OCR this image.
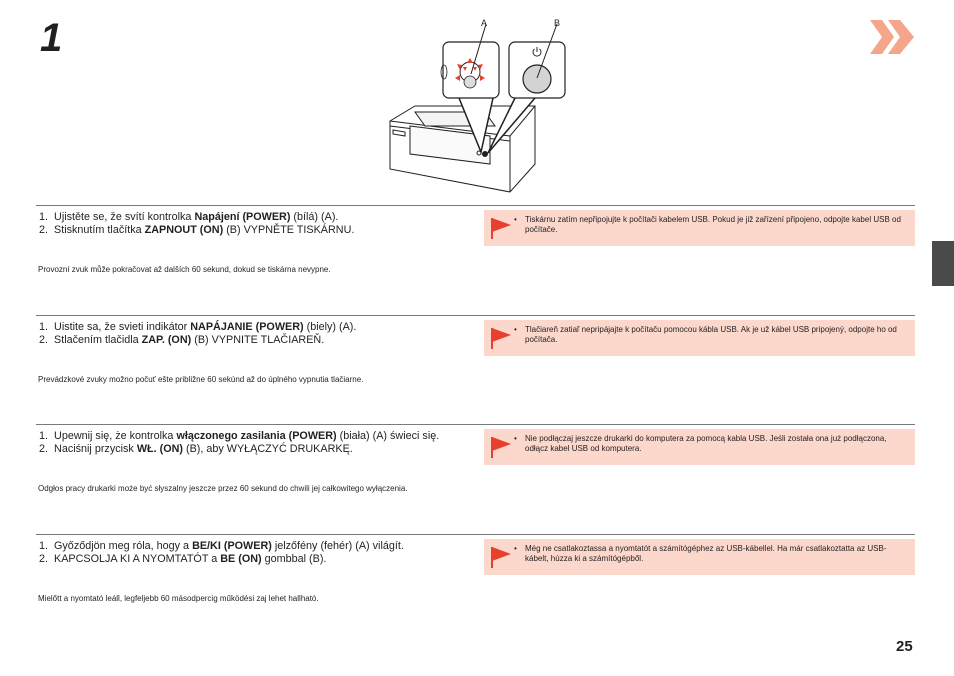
1	A	B
1. Ujistěte se, že svítí kontrolka Napájení (POWER) (bílá) (A).
2. Stisknutím tlačítka ZAPNOUT (ON) (B) VYPNĚTE TISKÁRNU.
Provozní zvuk může pokračovat až dalších 60 sekund, dokud se tiskárna nevypne.
• Tiskárnu zatím nepřipojujte k počítači kabelem USB. Pokud je již zařízení připojeno, odpojte kabel USB od počítače.
1. Uistite sa, že svieti indikátor NAPÁJANIE (POWER) (biely) (A).
2. Stlačením tlačidla ZAP. (ON) (B) VYPNITE TLAČIAREŇ.
Prevádzkové zvuky možno počuť ešte približne 60 sekúnd až do úplného vypnutia tlačiarne.
• Tlačiareň zatiaľ nepripájajte k počítaču pomocou kábla USB. Ak je už kábel USB pripojený, odpojte ho od počítača.
1. Upewnij się, że kontrolka włączonego zasilania (POWER) (biała) (A) świeci się.
2. Naciśnij przycisk WŁ. (ON) (B), aby WYŁĄCZYĆ DRUKARKĘ.
Odgłos pracy drukarki może być słyszalny jeszcze przez 60 sekund do chwili jej całkowitego wyłączenia.
• Nie podłączaj jeszcze drukarki do komputera za pomocą kabla USB. Jeśli została ona już podłączona, odłącz kabel USB od komputera.
1. Győződjön meg róla, hogy a BE/KI (POWER) jelzőfény (fehér) (A) világít.
2. KAPCSOLJA KI A NYOMTATÓT a BE (ON) gombbal (B).
Mielőtt a nyomtató leáll, legfeljebb 60 másodpercig működési zaj lehet hallható.
• Még ne csatlakoztassa a nyomtatót a számítógéphez az USB-kábellel. Ha már csatlakoztatta az USB-kábelt, húzza ki a számítógépből.
25
